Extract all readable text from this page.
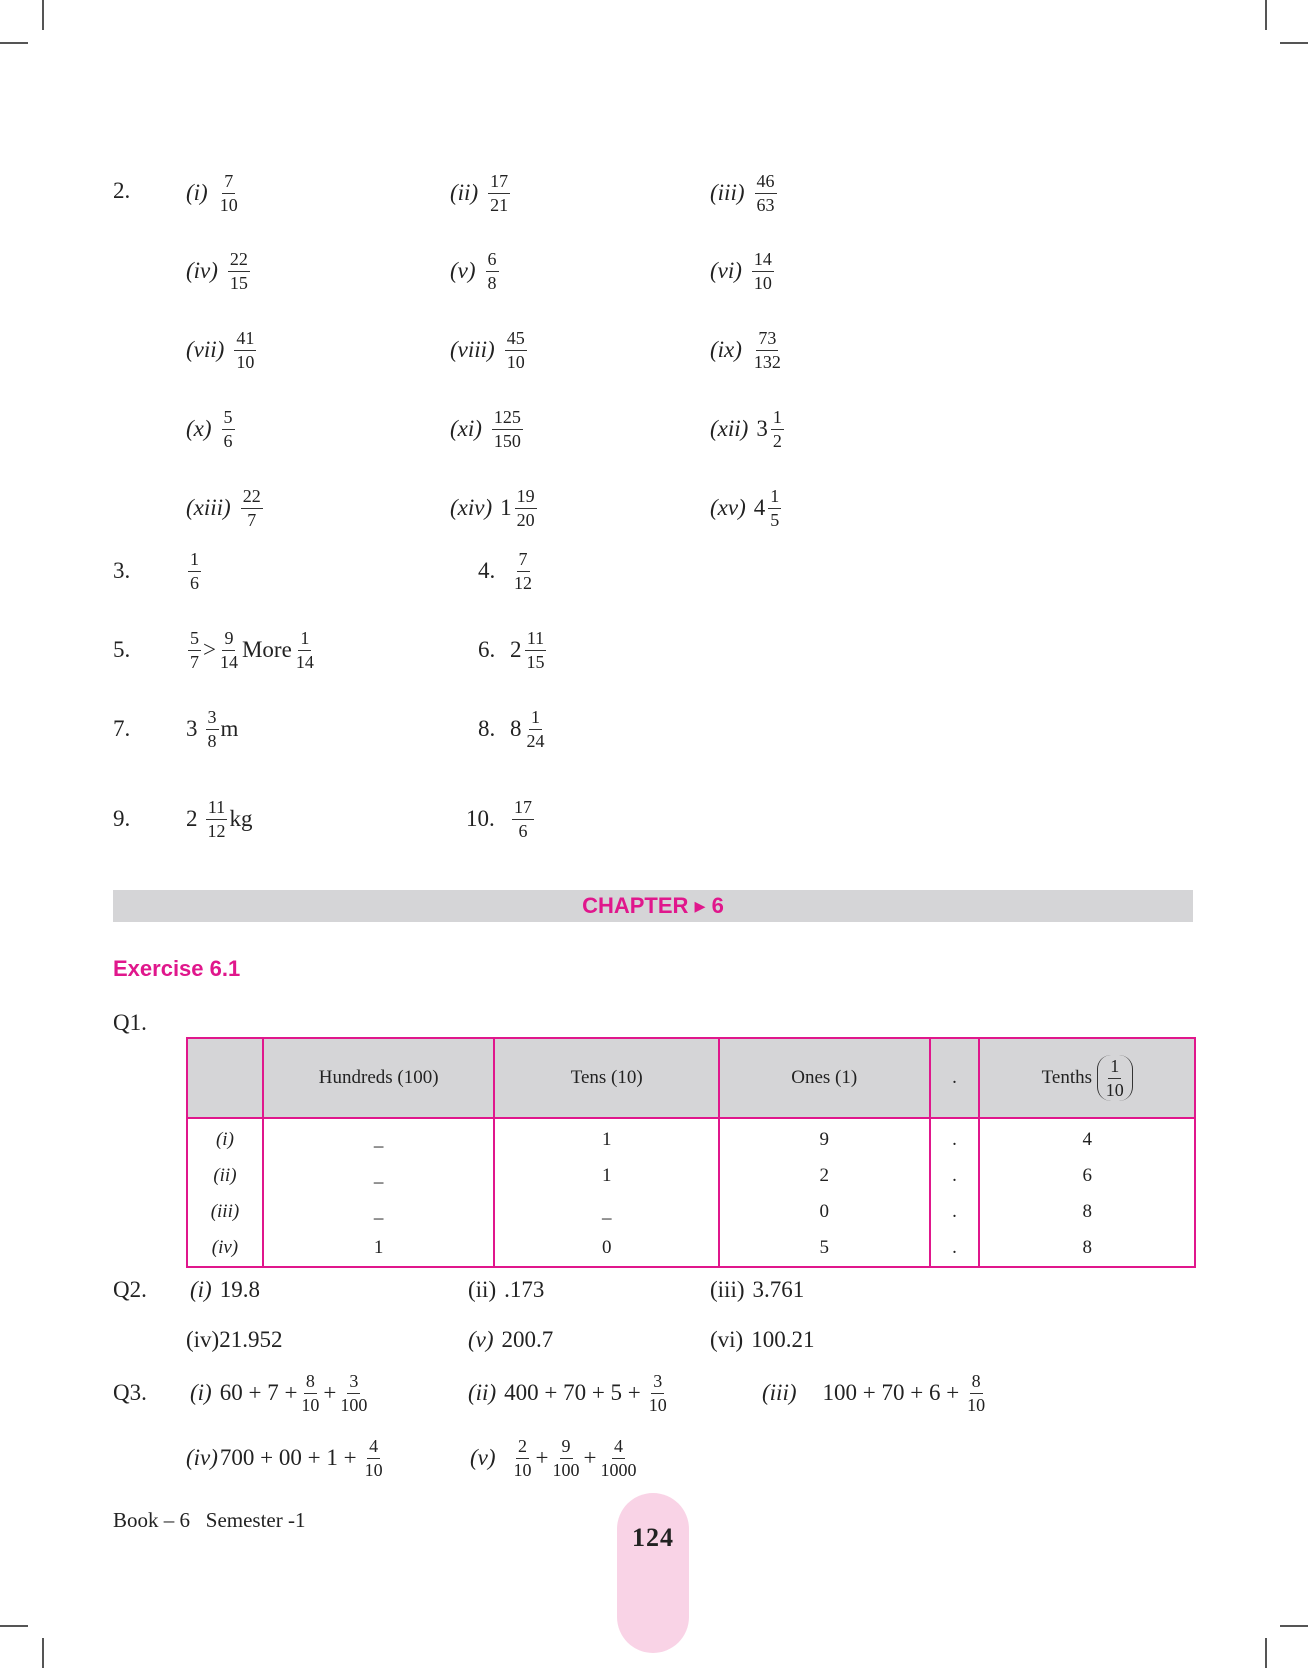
2. $(i) \frac{7}{10}$	$(ii) \frac{17}{21}$	$(iii) \frac{46}{63}$
$(iv) \frac{22}{15}$	$(v) \frac{6}{8}$	$(vi) \frac{14}{10}$
$(vii) \frac{41}{10}$	(viii) $\frac{45}{10}$	$(ix) \frac{73}{132}$
$(x) \frac{5}{6}$	$(xi) \frac{125}{150}$	(xii) $3 \frac{1}{2}$
(xiii) $\frac{22}{7}$	(xiv) $1 \frac{19}{20}$	(xv) $4 \frac{1}{5}$
3.	$\frac{1}{6}$	4. $\frac{7}{12}$
5.	$\frac{5}{7} > \frac{9}{14}$ More $\frac{1}{14}$	6. $2 \frac{11}{15}$
7. $3 \frac{3}{8}$ m	8. $8 \frac{1}{24}$
9. $2 \frac{11}{12}$ kg	10. $\frac{17}{6}$
CHAPTER ▸ 6
Exercise 6.1
Q1.
	Hundreds (100)	Tens (10)	Ones (1)	.	Tenths $\frac{1}{10}$

(i)	_	1	9	.	4
(ii)	_	1	2	.	6
(iii)	_	_	0	.	8
(iv)	1	0	5	.	8
Q2. (i) 19.8	(ii) .173	(iii) 3.761
(iv) 21.952	(v) 200.7	(vi) 100.21
Q3. (i) $60 + 7 + \frac{8}{10} + \frac{3}{100}$	(ii) $400 + 70 + 5 + \frac{3}{10}$	(iii) $100 + 70 + 6 + \frac{8}{10}$
(iv) $700 + 00 + 1 + \frac{4}{10}$	$(v) \frac{2}{10} + \frac{9}{100} + \frac{4}{1000}$
Book – 6 Semester -1
124
